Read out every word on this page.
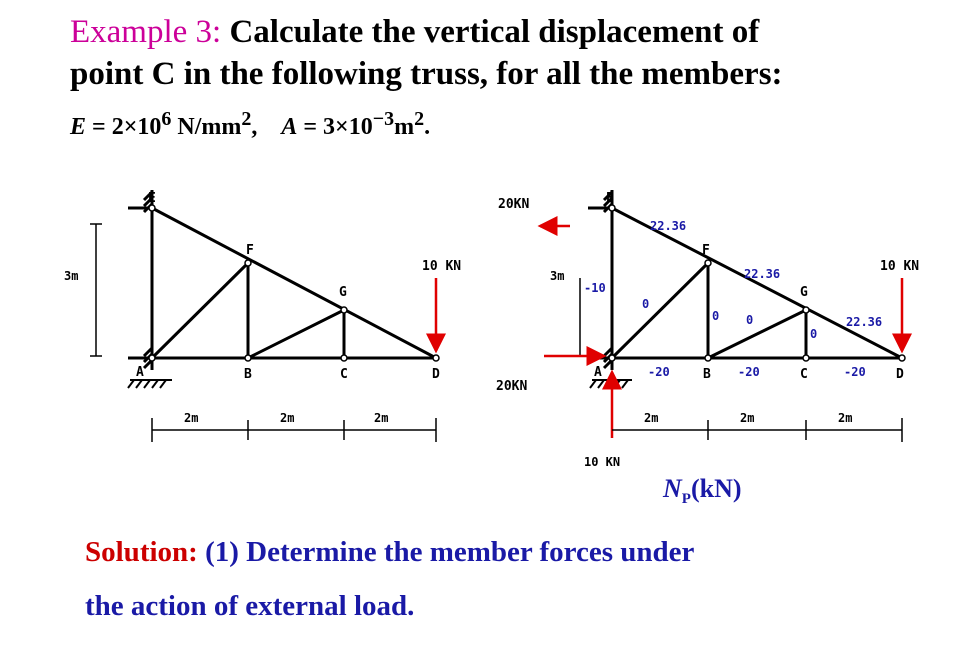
Example 3: Calculate the vertical displacement of
point C in the following truss, for all the members:
$E = 2\times 10^6$ $N/mm^2$, $A = 3\times 10^{-3}m^2$.
E
F
G
A	B	C	D
3m
10 KN
2m	2m	2m
E
F
G
A	B	C	D
3m
20KN
20KN
10 KN
10 KN
22.36
22.36
22.36
-10
0
0 0
0
-20	-20	-20
2m	2m	2m
$N_P(kN)$
Solution: (1) Determine the member forces under
the action of external load.
